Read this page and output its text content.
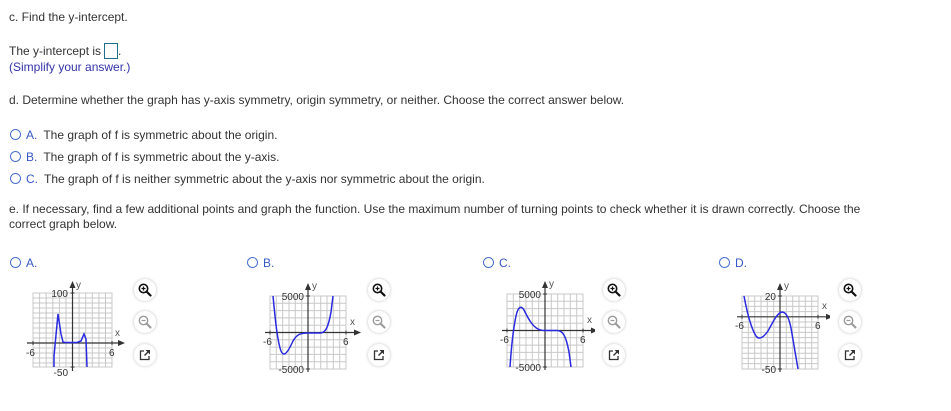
c. Find the y-intercept.
The y-intercept is .
(Simplify your answer.)
d. Determine whether the graph has y-axis symmetry, origin symmetry, or neither. Choose the correct answer below.
A. The graph of f is symmetric about the origin.
B. The graph of f is symmetric about the y-axis.
C. The graph of f is neither symmetric about the y-axis nor symmetric about the origin.
e. If necessary, find a few additional points and graph the function. Use the maximum number of turning points to check whether it is drawn correctly. Choose the
correct graph below.
A.	B.	C.	D.
100
-50
-6	6
x
y
5000
-5000
-6	6
x
y
5000
-5000
-6	6
x
y
20
-50
-6	6
x
y
